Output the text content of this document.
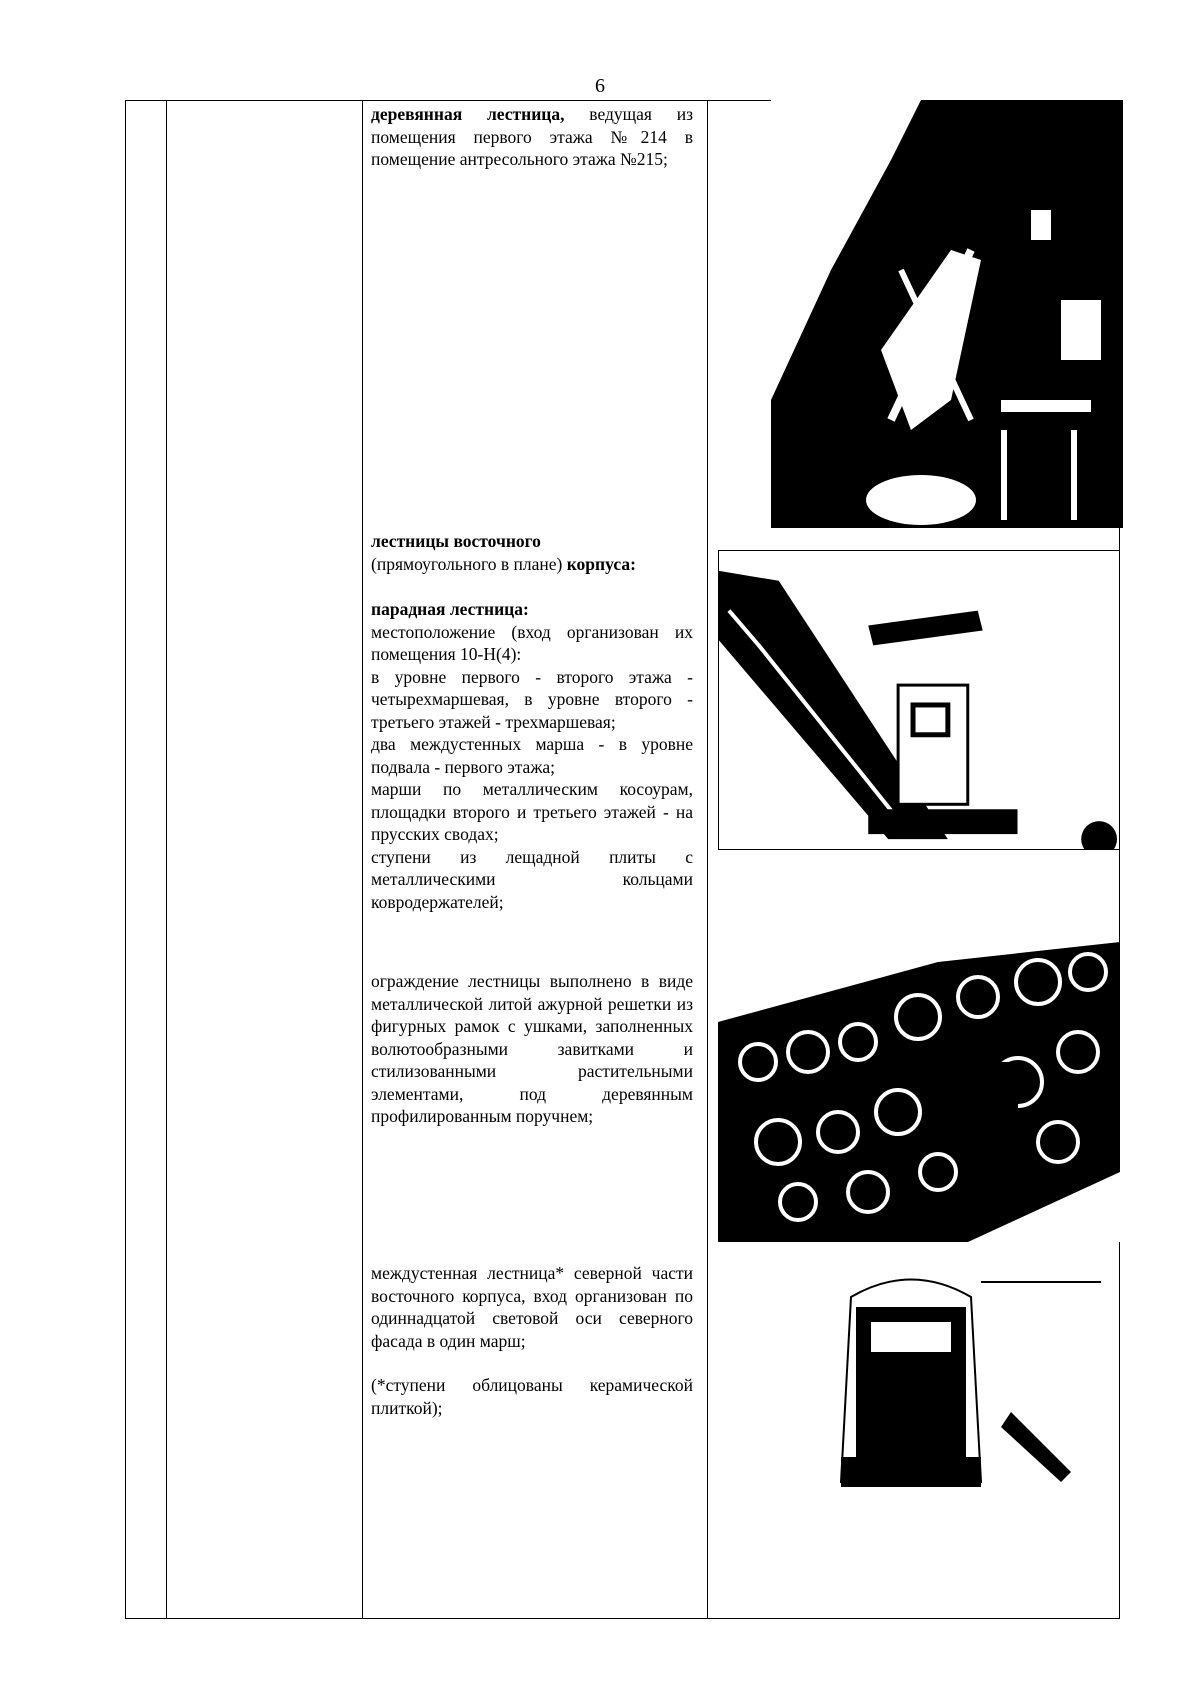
6

деревянная лестница, ведущая из помещения первого этажа №214 в помещение антресольного этажа №215;

лестницы восточного

(прямоугольного в плане) корпуса:

парадная лестница:

местоположение (вход организован их помещения 10-Н(4):

в уровне первого - второго этажа - четырехмаршевая, в уровне второго - третьего этажей - трехмаршевая;

два междустенных марша - в уровне подвала - первого этажа;

марши по металлическим косоурам, площадки второго и третьего этажей - на прусских сводах;

ступени из лещадной плиты с металлическими кольцами ковродержателей;

ограждение лестницы выполнено в виде металлической литой ажурной решетки из фигурных рамок с ушками, заполненных волютообразными завитками и стилизованными растительными элементами, под деревянным профилированным поручнем;

междустенная лестница* северной части восточного корпуса, вход организован по одиннадцатой световой оси северного фасада в один марш;

(*ступени облицованы керамической плиткой);
